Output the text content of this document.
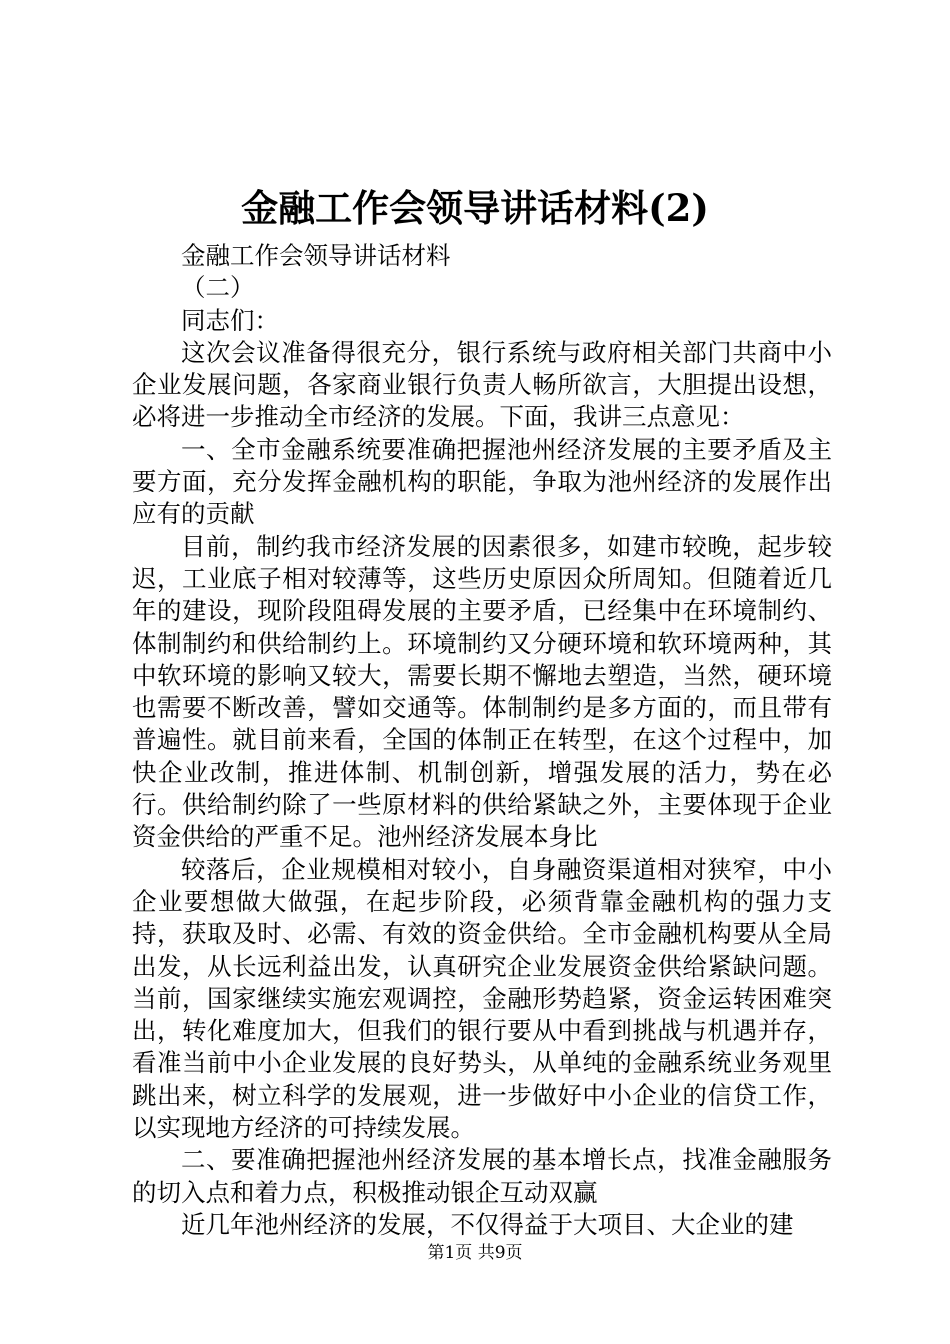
金融工作会领导讲话材料(2)

金融工作会领导讲话材料

（二）

同志们：

这次会议准备得很充分，银行系统与政府相关部门共商中小企业发展问题，各家商业银行负责人畅所欲言，大胆提出设想，必将进一步推动全市经济的发展。下面，我讲三点意见：

一、全市金融系统要准确把握池州经济发展的主要矛盾及主要方面，充分发挥金融机构的职能，争取为池州经济的发展作出应有的贡献

目前，制约我市经济发展的因素很多，如建市较晚，起步较迟，工业底子相对较薄等，这些历史原因众所周知。但随着近几年的建设，现阶段阻碍发展的主要矛盾，已经集中在环境制约、体制制约和供给制约上。环境制约又分硬环境和软环境两种，其中软环境的影响又较大，需要长期不懈地去塑造，当然，硬环境也需要不断改善，譬如交通等。体制制约是多方面的，而且带有普遍性。就目前来看，全国的体制正在转型，在这个过程中，加快企业改制，推进体制、机制创新，增强发展的活力，势在必行。供给制约除了一些原材料的供给紧缺之外，主要体现于企业资金供给的严重不足。池州经济发展本身比

较落后，企业规模相对较小，自身融资渠道相对狭窄，中小企业要想做大做强，在起步阶段，必须背靠金融机构的强力支持，获取及时、必需、有效的资金供给。全市金融机构要从全局出发，从长远利益出发，认真研究企业发展资金供给紧缺问题。当前，国家继续实施宏观调控，金融形势趋紧，资金运转困难突出，转化难度加大，但我们的银行要从中看到挑战与机遇并存，看准当前中小企业发展的良好势头，从单纯的金融系统业务观里跳出来，树立科学的发展观，进一步做好中小企业的信贷工作，以实现地方经济的可持续发展。

二、要准确把握池州经济发展的基本增长点，找准金融服务的切入点和着力点，积极推动银企互动双赢

近几年池州经济的发展，不仅得益于大项目、大企业的建

第1页 共9页
